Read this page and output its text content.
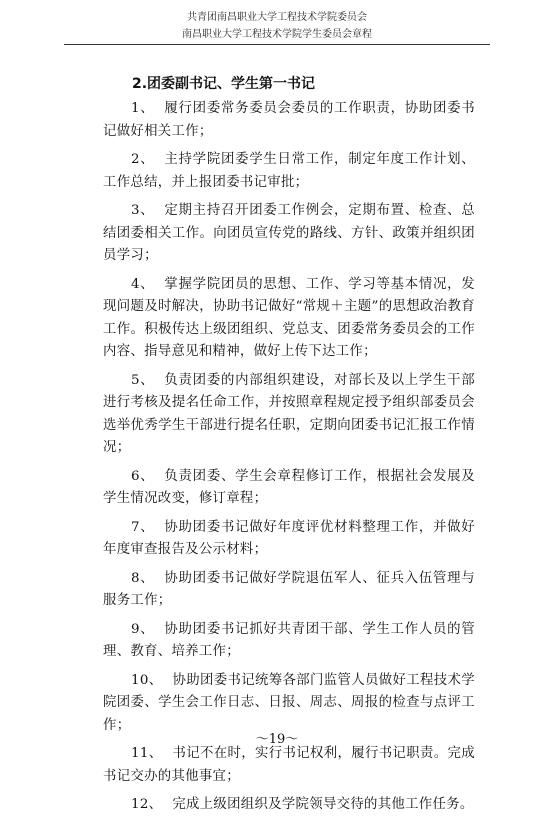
共青团南昌职业大学工程技术学院委员会
南昌职业大学工程技术学院学生委员会章程
2.团委副书记、学生第一书记

1、 履行团委常务委员会委员的工作职责，协助团委书记做好相关工作；

2、 主持学院团委学生日常工作，制定年度工作计划、工作总结，并上报团委书记审批；

3、 定期主持召开团委工作例会，定期布置、检查、总结团委相关工作。向团员宣传党的路线、方针、政策并组织团员学习；

4、 掌握学院团员的思想、工作、学习等基本情况，发现问题及时解决，协助书记做好“常规＋主题”的思想政治教育工作。积极传达上级团组织、党总支、团委常务委员会的工作内容、指导意见和精神，做好上传下达工作；

5、 负责团委的内部组织建设，对部长及以上学生干部进行考核及提名任命工作，并按照章程规定授予组织部委员会选举优秀学生干部进行提名任职，定期向团委书记汇报工作情况；

6、 负责团委、学生会章程修订工作，根据社会发展及学生情况改变，修订章程；

7、 协助团委书记做好年度评优材料整理工作，并做好年度审查报告及公示材料；

8、 协助团委书记做好学院退伍军人、征兵入伍管理与服务工作；

9、 协助团委书记抓好共青团干部、学生工作人员的管理、教育、培养工作；

10、 协助团委书记统筹各部门监管人员做好工程技术学院团委、学生会工作日志、日报、周志、周报的检查与点评工作；

11、 书记不在时，实行书记权利，履行书记职责。完成书记交办的其他事宜；

12、 完成上级团组织及学院领导交待的其他工作任务。

～19～
